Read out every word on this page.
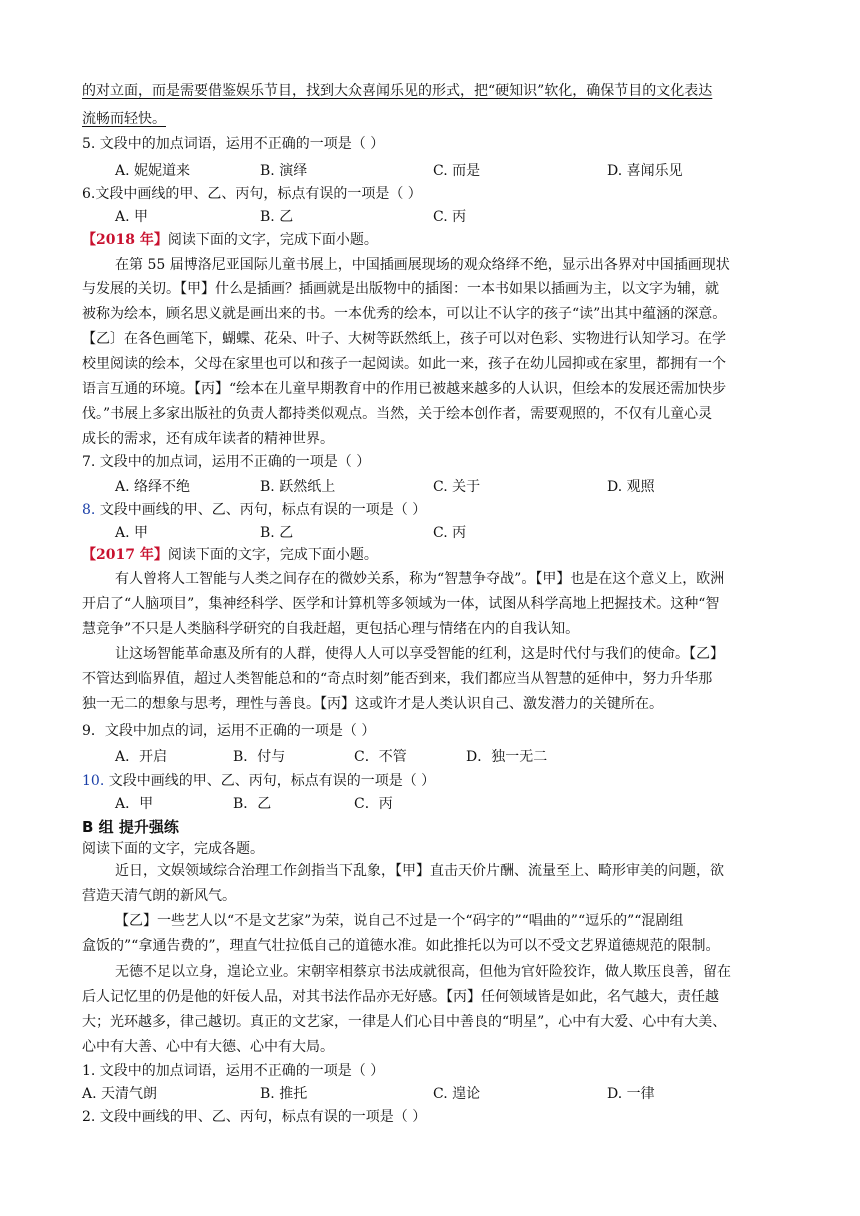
的对立面，而是需要借鉴娱乐节目，找到大众喜闻乐见的形式，把“硬知识”软化，确保节目的文化表达
流畅而轻快。
5. 文段中的加点词语，运用不正确的一项是（ ）
A. 妮妮道来	B. 演绎	C. 而是	D. 喜闻乐见
6.文段中画线的甲、乙、丙句，标点有误的一项是（ ）
A. 甲	B. 乙	C. 丙
【2018 年】阅读下面的文字，完成下面小题。
在第 55 届博洛尼亚国际儿童书展上，中国插画展现场的观众络绎不绝，显示出各界对中国插画现状
与发展的关切。【甲】什么是插画？插画就是出版物中的插图：一本书如果以插画为主，以文字为辅，就
被称为绘本，顾名思义就是画出来的书。一本优秀的绘本，可以让不认字的孩子“读”出其中蕴涵的深意。
【乙〕在各色画笔下，蝴蝶、花朵、叶子、大树等跃然纸上，孩子可以对色彩、实物进行认知学习。在学
校里阅读的绘本，父母在家里也可以和孩子一起阅读。如此一来，孩子在幼儿园抑或在家里，都拥有一个
语言互通的环境。【丙】“绘本在儿童早期教育中的作用已被越来越多的人认识，但绘本的发展还需加快步
伐。”书展上多家出版社的负责人都持类似观点。当然，关于绘本创作者，需要观照的，不仅有儿童心灵
成长的需求，还有成年读者的精神世界。
7. 文段中的加点词，运用不正确的一项是（ ）
A. 络绎不绝	B. 跃然纸上	C. 关于	D. 观照
8. 文段中画线的甲、乙、丙句，标点有误的一项是（ ）
A. 甲	B. 乙	C. 丙
【2017 年】阅读下面的文字，完成下面小题。
有人曾将人工智能与人类之间存在的微妙关系，称为“智慧争夺战”。【甲】也是在这个意义上，欧洲
开启了“人脑项目”，集神经科学、医学和计算机等多领域为一体，试图从科学高地上把握技术。这种“智
慧竞争”不只是人类脑科学研究的自我赶超，更包括心理与情绪在内的自我认知。
让这场智能革命惠及所有的人群，使得人人可以享受智能的红利，这是时代付与我们的使命。【乙】
不管达到临界值，超过人类智能总和的“奇点时刻”能否到来，我们都应当从智慧的延伸中，努力升华那
独一无二的想象与思考，理性与善良。【丙】这或许才是人类认识自己、激发潜力的关键所在。
9．文段中加点的词，运用不正确的一项是（ ）
A．开启	B．付与	C．不管	D．独一无二
10. 文段中画线的甲、乙、丙句，标点有误的一项是（ ）
A．甲	B．乙	C．丙
B 组 提升强练
阅读下面的文字，完成各题。
近日，文娱领域综合治理工作剑指当下乱象，【甲】直击天价片酬、流量至上、畸形审美的问题，欲
营造天清气朗的新风气。
【乙】一些艺人以“不是文艺家”为荣，说自己不过是一个“码字的”“唱曲的”“逗乐的”“混剧组
盒饭的”“拿通告费的”，理直气壮拉低自己的道德水准。如此推托以为可以不受文艺界道德规范的限制。
无德不足以立身，遑论立业。宋朝宰相蔡京书法成就很高，但他为官奸险狡诈，做人欺压良善，留在
后人记忆里的仍是他的奸佞人品，对其书法作品亦无好感。【丙】任何领域皆是如此，名气越大，责任越
大；光环越多，律己越切。真正的文艺家，一律是人们心目中善良的“明星”，心中有大爱、心中有大美、
心中有大善、心中有大德、心中有大局。
1. 文段中的加点词语，运用不正确的一项是（ ）
A. 天清气朗	B. 推托	C. 遑论	D. 一律
2. 文段中画线的甲、乙、丙句，标点有误的一项是（ ）
